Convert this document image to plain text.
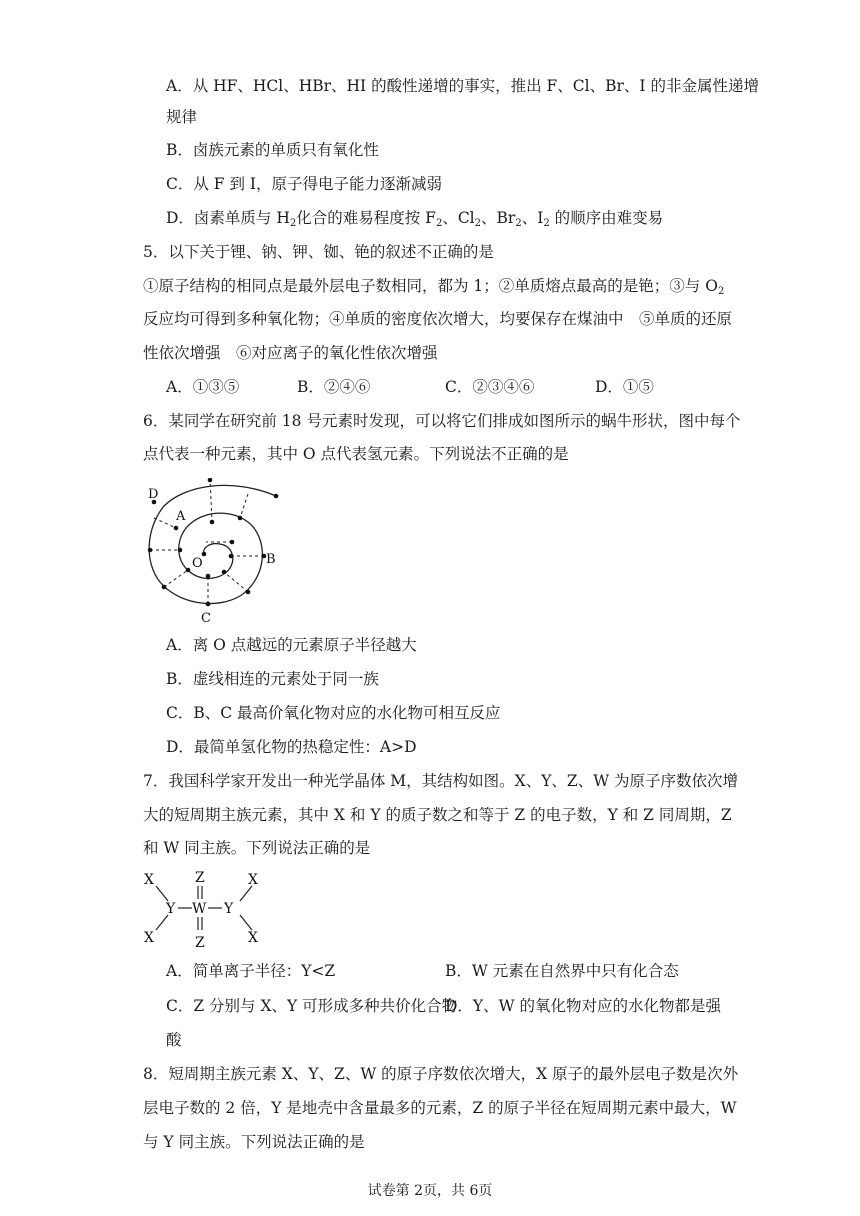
A．从 HF、HCl、HBr、HI 的酸性递增的事实，推出 F、Cl、Br、I 的非金属性递增
规律
B．卤族元素的单质只有氧化性
C．从 F 到 I，原子得电子能力逐渐减弱
D．卤素单质与 $H_2$化合的难易程度按 $F_2$、$Cl_2$、$Br_2$、$I_2$ 的顺序由难变易
5．以下关于锂、钠、钾、铷、铯的叙述不正确的是
①原子结构的相同点是最外层电子数相同，都为 1；②单质熔点最高的是铯；③与 $O_2$
反应均可得到多种氧化物；④单质的密度依次增大，均要保存在煤油中　⑤单质的还原
性依次增强　⑥对应离子的氧化性依次增强
A．①③⑤	B．②④⑥	C．②③④⑥	D．①⑤
6．某同学在研究前 18 号元素时发现，可以将它们排成如图所示的蜗牛形状，图中每个
点代表一种元素，其中 O 点代表氢元素。下列说法不正确的是
D
A
O	B
C
A．离 O 点越远的元素原子半径越大
B．虚线相连的元素处于同一族
C．B、C 最高价氧化物对应的水化物可相互反应
D．最简单氢化物的热稳定性：A>D
7．我国科学家开发出一种光学晶体 M，其结构如图。X、Y、Z、W 为原子序数依次增
大的短周期主族元素，其中 X 和 Y 的质子数之和等于 Z 的电子数，Y 和 Z 同周期，Z
和 W 同主族。下列说法正确的是
X
X
Y W Y
Z
Z
X
X
A．简单离子半径：Y<Z	B．W 元素在自然界中只有化合态
C．Z 分别与 X、Y 可形成多种共价化合物
D．Y、W 的氧化物对应的水化物都是强
酸
8．短周期主族元素 X、Y、Z、W 的原子序数依次增大，X 原子的最外层电子数是次外
层电子数的 2 倍，Y 是地壳中含量最多的元素，Z 的原子半径在短周期元素中最大，W
与 Y 同主族。下列说法正确的是
试卷第 2页，共 6页
